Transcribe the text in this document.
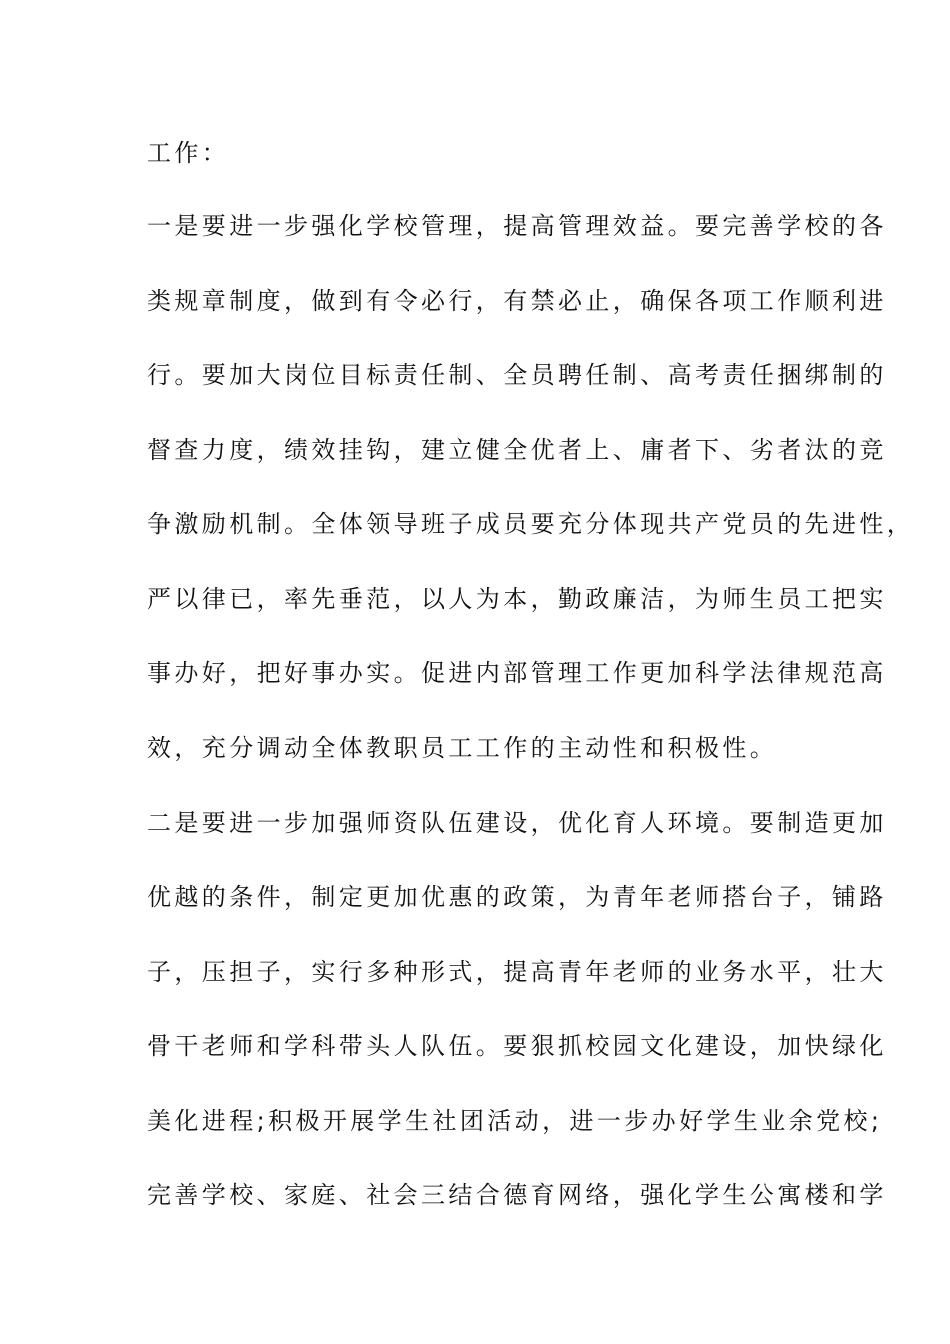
工作：
一是要进一步强化学校管理，提高管理效益。要完善学校的各
类规章制度，做到有令必行，有禁必止，确保各项工作顺利进
行。要加大岗位目标责任制、全员聘任制、高考责任捆绑制的
督查力度，绩效挂钩，建立健全优者上、庸者下、劣者汰的竞
争激励机制。全体领导班子成员要充分体现共产党员的先进性，
严以律已，率先垂范，以人为本，勤政廉洁，为师生员工把实
事办好，把好事办实。促进内部管理工作更加科学法律规范高
效，充分调动全体教职员工工作的主动性和积极性。
二是要进一步加强师资队伍建设，优化育人环境。要制造更加
优越的条件，制定更加优惠的政策，为青年老师搭台子，铺路
子，压担子，实行多种形式，提高青年老师的业务水平，壮大
骨干老师和学科带头人队伍。要狠抓校园文化建设，加快绿化
美化进程;积极开展学生社团活动，进一步办好学生业余党校;
完善学校、家庭、社会三结合德育网络，强化学生公寓楼和学
